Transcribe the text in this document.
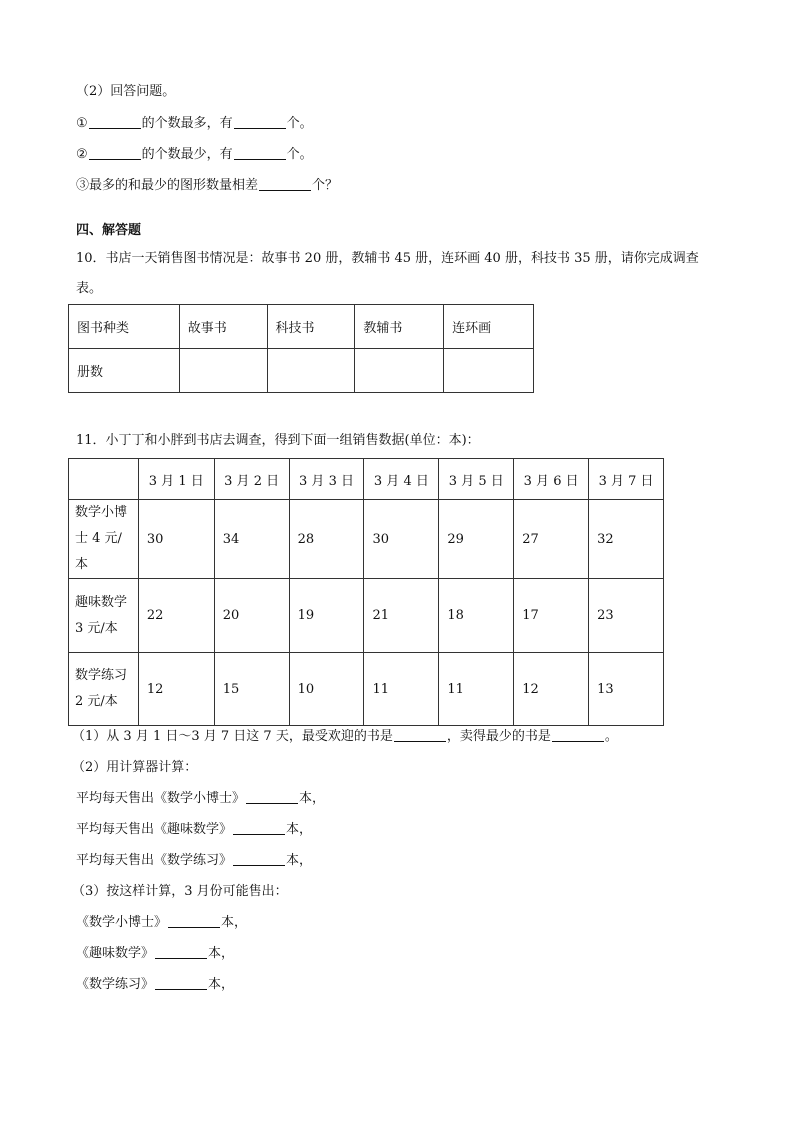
（2）回答问题。
①	的个数最多，有	个。
②	的个数最少，有	个。
③最多的和最少的图形数量相差	个？
四、解答题
10．书店一天销售图书情况是：故事书 20 册，教辅书 45 册，连环画 40 册，科技书 35 册，请你完成调查
表。
图书种类	故事书	科技书	教辅书	连环画
册数				
11．小丁丁和小胖到书店去调查，得到下面一组销售数据(单位：本)：
	3 月 1 日	3 月 2 日	3 月 3 日	3 月 4 日	3 月 5 日	3 月 6 日	3 月 7 日
数学小博
士 4 元/本	30	34	28	30	29	27	32
趣味数学
3 元/本	22	20	19	21	18	17	23
数学练习
2 元/本	12	15	10	11	11	12	13
（1）从 3 月 1 日～3 月 7 日这 7 天，最受欢迎的书是	，卖得最少的书是	。
（2）用计算器计算：
平均每天售出《数学小博士》	本，
平均每天售出《趣味数学》	本，
平均每天售出《数学练习》	本，
（3）按这样计算，3 月份可能售出：
《数学小博士》	本，
《趣味数学》	本，
《数学练习》	本，
